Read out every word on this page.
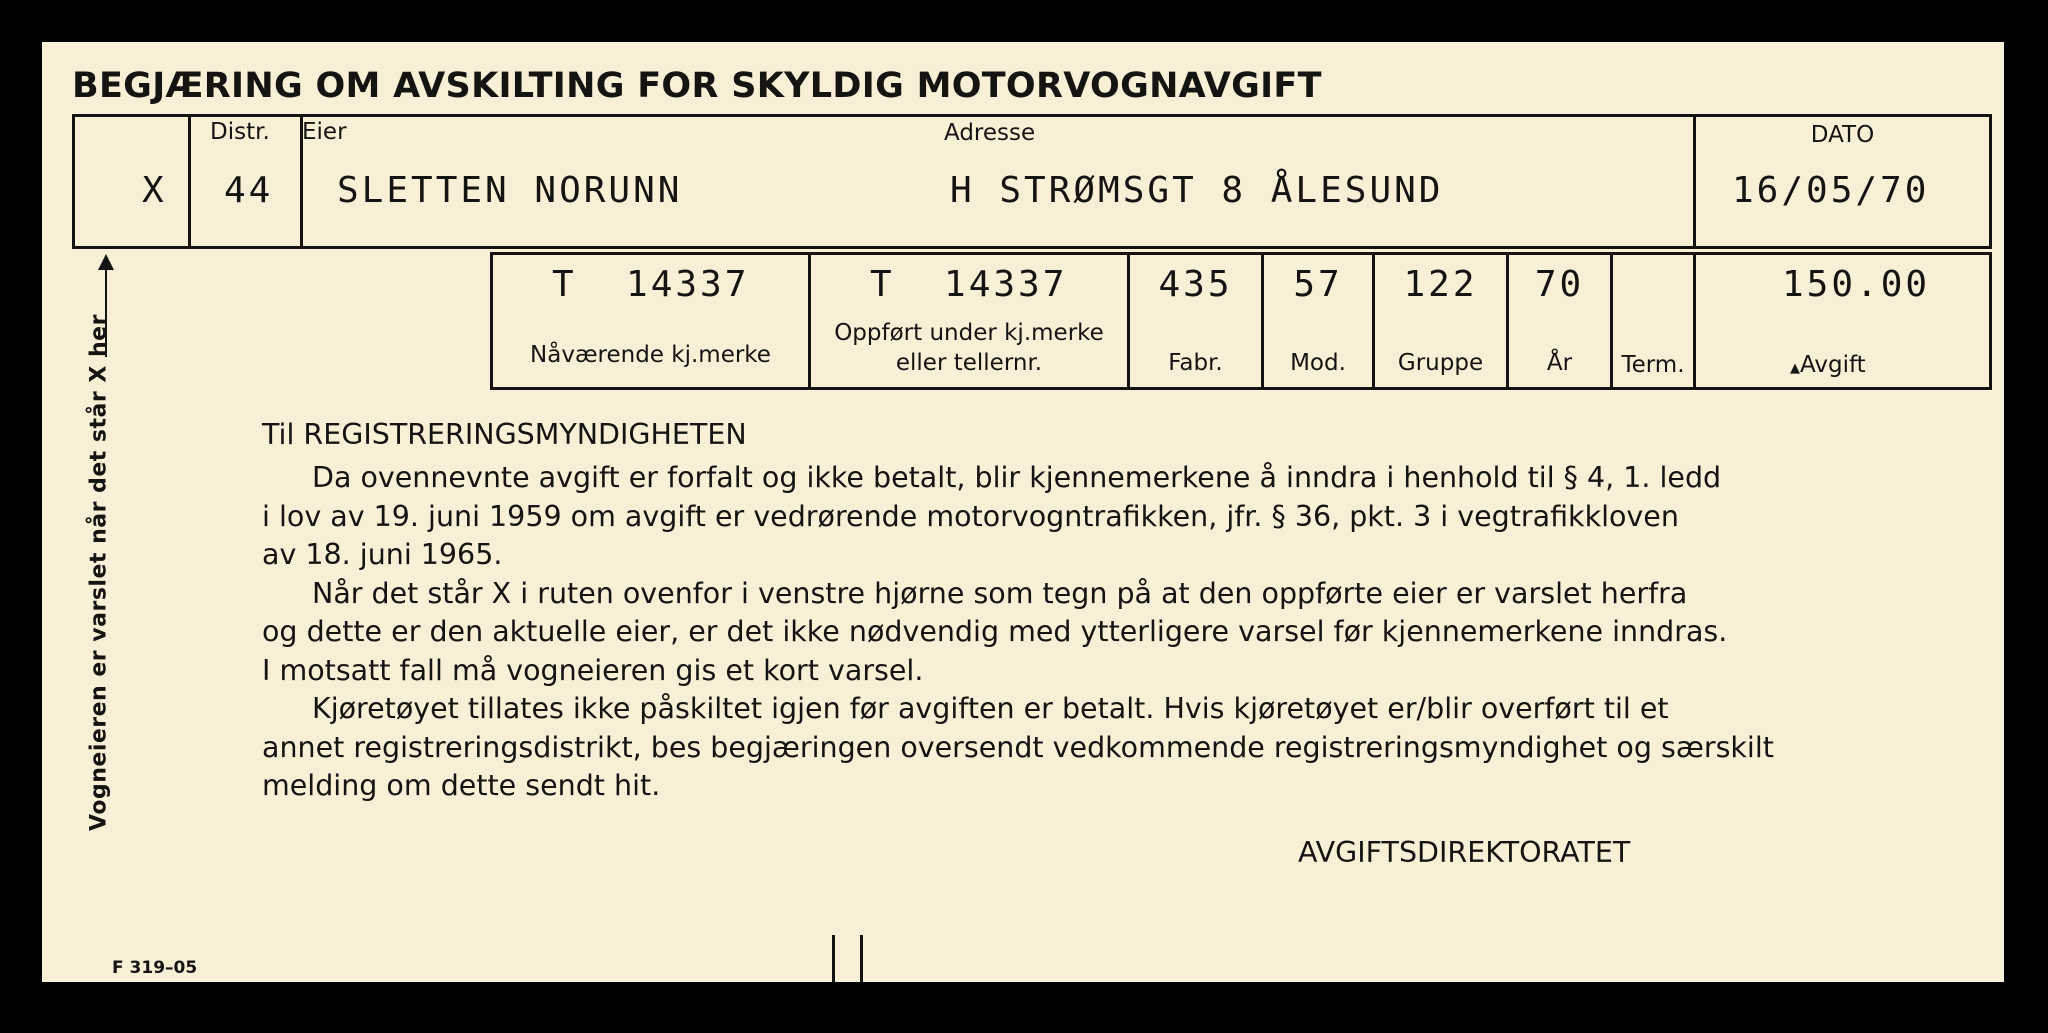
BEGJÆRING OM AVSKILTING FOR SKYLDIG MOTORVOGNAVGIFT
X
Distr.
44
Eier
SLETTEN NORUNN
Adresse
H STRØMSGT 8 ÅLESUND
DATO
16/05/70
T  14337
Nåværende kj.merke
T  14337
Oppført under kj.merke
eller tellernr.
435
Fabr.
57
Mod.
122
Gruppe
70
År	Term.
150.00
▲Avgift
Til REGISTRERINGSMYNDIGHETEN
Da ovennevnte avgift er forfalt og ikke betalt, blir kjennemerkene å inndra i henhold til § 4, 1. ledd
i lov av 19. juni 1959 om avgift er vedrørende motorvogntrafikken, jfr. § 36, pkt. 3 i vegtrafikkloven
av 18. juni 1965.
Når det står X i ruten ovenfor i venstre hjørne som tegn på at den oppførte eier er varslet herfra
og dette er den aktuelle eier, er det ikke nødvendig med ytterligere varsel før kjennemerkene inndras.
I motsatt fall må vogneieren gis et kort varsel.
Kjøretøyet tillates ikke påskiltet igjen før avgiften er betalt. Hvis kjøretøyet er/blir overført til et
annet registreringsdistrikt, bes begjæringen oversendt vedkommende registreringsmyndighet og særskilt
melding om dette sendt hit.
AVGIFTSDIREKTORATET
Vogneieren er varslet når det står X her
F 319–05
